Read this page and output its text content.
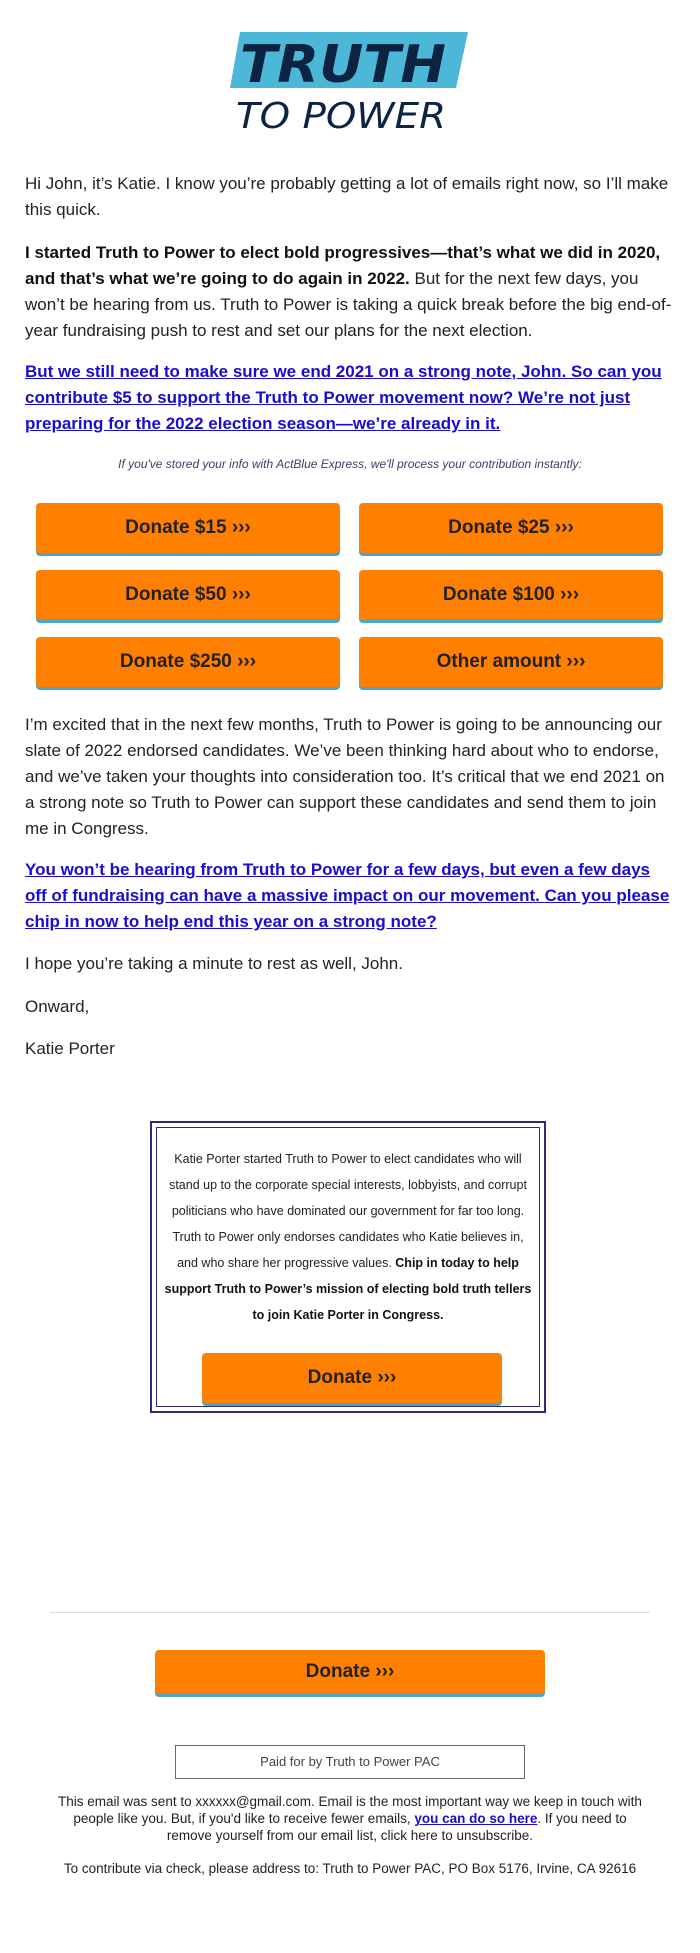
TRUTH
TO POWER

Hi John, it’s Katie. I know you’re probably getting a lot of emails right now, so I’ll make this quick.

I started Truth to Power to elect bold progressives—that’s what we did in 2020, and that’s what we’re going to do again in 2022. But for the next few days, you won’t be hearing from us. Truth to Power is taking a quick break before the big end-of-year fundraising push to rest and set our plans for the next election.

But we still need to make sure we end 2021 on a strong note, John. So can you contribute $5 to support the Truth to Power movement now? We’re not just preparing for the 2022 election season—we’re already in it.

If you've stored your info with ActBlue Express, we'll process your contribution instantly:
Donate $15 ›››	Donate $25 ›››
Donate $50 ›››	Donate $100 ›››
Donate $250 ›››	Other amount ›››

I’m excited that in the next few months, Truth to Power is going to be announcing our slate of 2022 endorsed candidates. We’ve been thinking hard about who to endorse, and we’ve taken your thoughts into consideration too. It’s critical that we end 2021 on a strong note so Truth to Power can support these candidates and send them to join me in Congress.

You won’t be hearing from Truth to Power for a few days, but even a few days off of fundraising can have a massive impact on our movement. Can you please chip in now to help end this year on a strong note?

I hope you’re taking a minute to rest as well, John.

Onward,

Katie Porter

Katie Porter started Truth to Power to elect candidates who will stand up to the corporate special interests, lobbyists, and corrupt politicians who have dominated our government for far too long. Truth to Power only endorses candidates who Katie believes in, and who share her progressive values. Chip in today to help support Truth to Power’s mission of electing bold truth tellers to join Katie Porter in Congress.

Donate ›››
Donate ›››
Paid for by Truth to Power PAC

This email was sent to xxxxxx@gmail.com. Email is the most important way we keep in touch with people like you. But, if you'd like to receive fewer emails, you can do so here. If you need to remove yourself from our email list, click here to unsubscribe.

To contribute via check, please address to: Truth to Power PAC, PO Box 5176, Irvine, CA 92616
